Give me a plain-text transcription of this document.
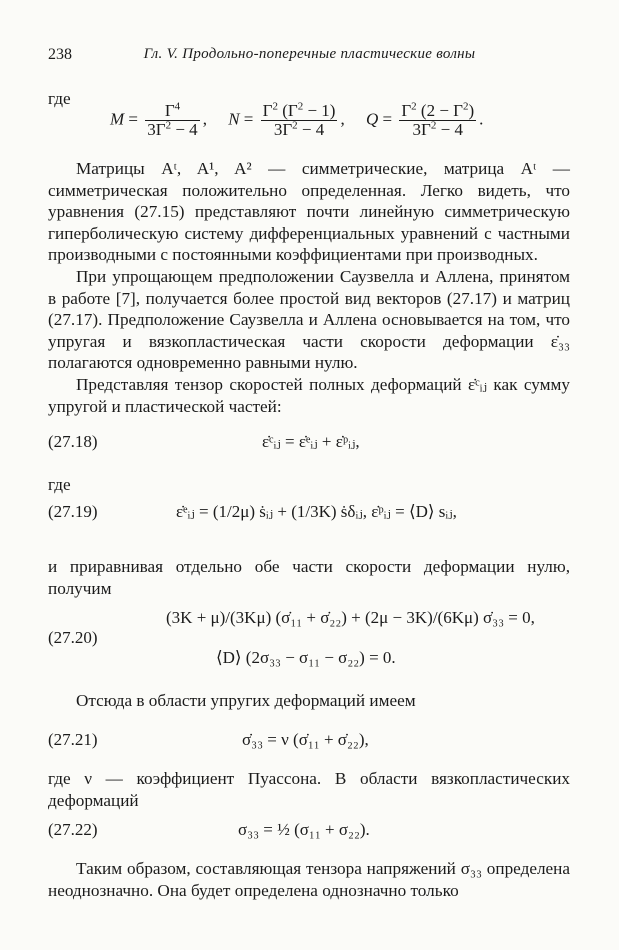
238	Гл. V. Продольно-поперечные пластические волны
где
$M = \frac{\Gamma^4}{3\Gamma^2 - 4}$ ,     $N = \frac{\Gamma^2 (\Gamma^2 - 1)}{3\Gamma^2 - 4}$ ,     $Q = \frac{\Gamma^2 (2 - \Gamma^2)}{3\Gamma^2 - 4}$ .
Матрицы Aᵗ, A¹, A² — симметрические, матрица Aᵗ — симметрическая положительно определенная. Легко видеть, что уравнения (27.15) представляют почти линейную симметрическую гиперболическую систему дифференциальных уравнений с частными производными с постоянными коэффициентами при производных.
При упрощающем предположении Саузвелла и Аллена, принятом в работе [7], получается более простой вид векторов (27.17) и матриц (27.17). Предположение Саузвелла и Аллена основывается на том, что упругая и вязкопластическая части скорости деформации ε̇₃₃ полагаются одновременно равными нулю.
Представляя тензор скоростей полных деформаций ε̇ᶜᵢⱼ как сумму упругой и пластической частей:
(27.18)	ε̇ᶜᵢⱼ = ε̇ᵉᵢⱼ + ε̇ᵖᵢⱼ,
где
(27.19)	ε̇ᵉᵢⱼ = (1/2μ) ṡᵢⱼ + (1/3K) ṡδᵢⱼ, ε̇ᵖᵢⱼ = ⟨D⟩ sᵢⱼ,
и приравнивая отдельно обе части скорости деформации нулю, получим
(27.20)
(3K + μ)/(3Kμ) (σ̇₁₁ + σ̇₂₂) + (2μ − 3K)/(6Kμ) σ̇₃₃ = 0,
⟨D⟩ (2σ₃₃ − σ₁₁ − σ₂₂) = 0.
Отсюда в области упругих деформаций имеем
(27.21)	σ̇₃₃ = ν (σ̇₁₁ + σ̇₂₂),
где ν — коэффициент Пуассона. В области вязкопластических деформаций
(27.22)	σ₃₃ = ½ (σ₁₁ + σ₂₂).
Таким образом, составляющая тензора напряжений σ₃₃ определена неоднозначно. Она будет определена однозначно только
